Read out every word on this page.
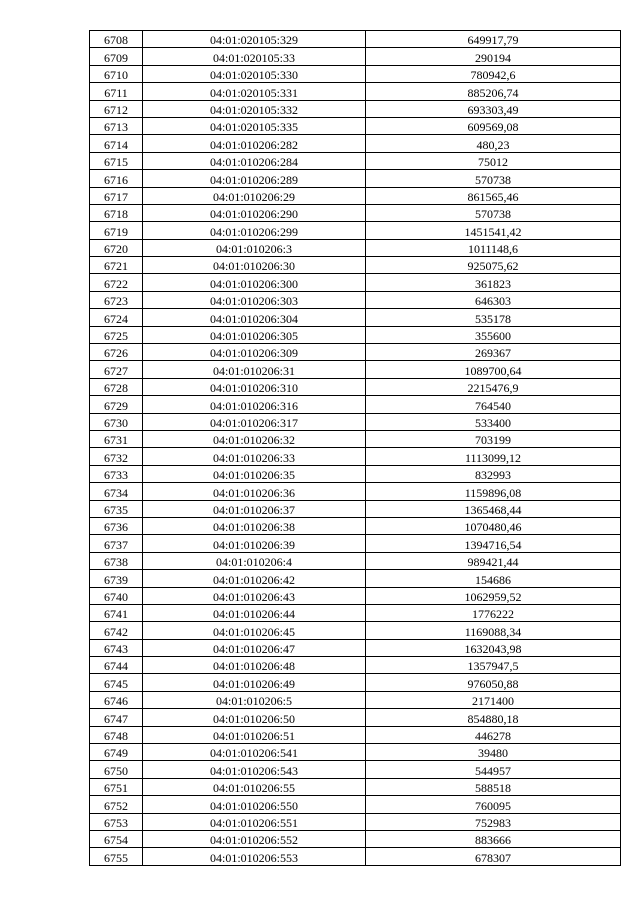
6708	04:01:020105:329	649917,79
6709	04:01:020105:33	290194
6710	04:01:020105:330	780942,6
6711	04:01:020105:331	885206,74
6712	04:01:020105:332	693303,49
6713	04:01:020105:335	609569,08
6714	04:01:010206:282	480,23
6715	04:01:010206:284	75012
6716	04:01:010206:289	570738
6717	04:01:010206:29	861565,46
6718	04:01:010206:290	570738
6719	04:01:010206:299	1451541,42
6720	04:01:010206:3	1011148,6
6721	04:01:010206:30	925075,62
6722	04:01:010206:300	361823
6723	04:01:010206:303	646303
6724	04:01:010206:304	535178
6725	04:01:010206:305	355600
6726	04:01:010206:309	269367
6727	04:01:010206:31	1089700,64
6728	04:01:010206:310	2215476,9
6729	04:01:010206:316	764540
6730	04:01:010206:317	533400
6731	04:01:010206:32	703199
6732	04:01:010206:33	1113099,12
6733	04:01:010206:35	832993
6734	04:01:010206:36	1159896,08
6735	04:01:010206:37	1365468,44
6736	04:01:010206:38	1070480,46
6737	04:01:010206:39	1394716,54
6738	04:01:010206:4	989421,44
6739	04:01:010206:42	154686
6740	04:01:010206:43	1062959,52
6741	04:01:010206:44	1776222
6742	04:01:010206:45	1169088,34
6743	04:01:010206:47	1632043,98
6744	04:01:010206:48	1357947,5
6745	04:01:010206:49	976050,88
6746	04:01:010206:5	2171400
6747	04:01:010206:50	854880,18
6748	04:01:010206:51	446278
6749	04:01:010206:541	39480
6750	04:01:010206:543	544957
6751	04:01:010206:55	588518
6752	04:01:010206:550	760095
6753	04:01:010206:551	752983
6754	04:01:010206:552	883666
6755	04:01:010206:553	678307
